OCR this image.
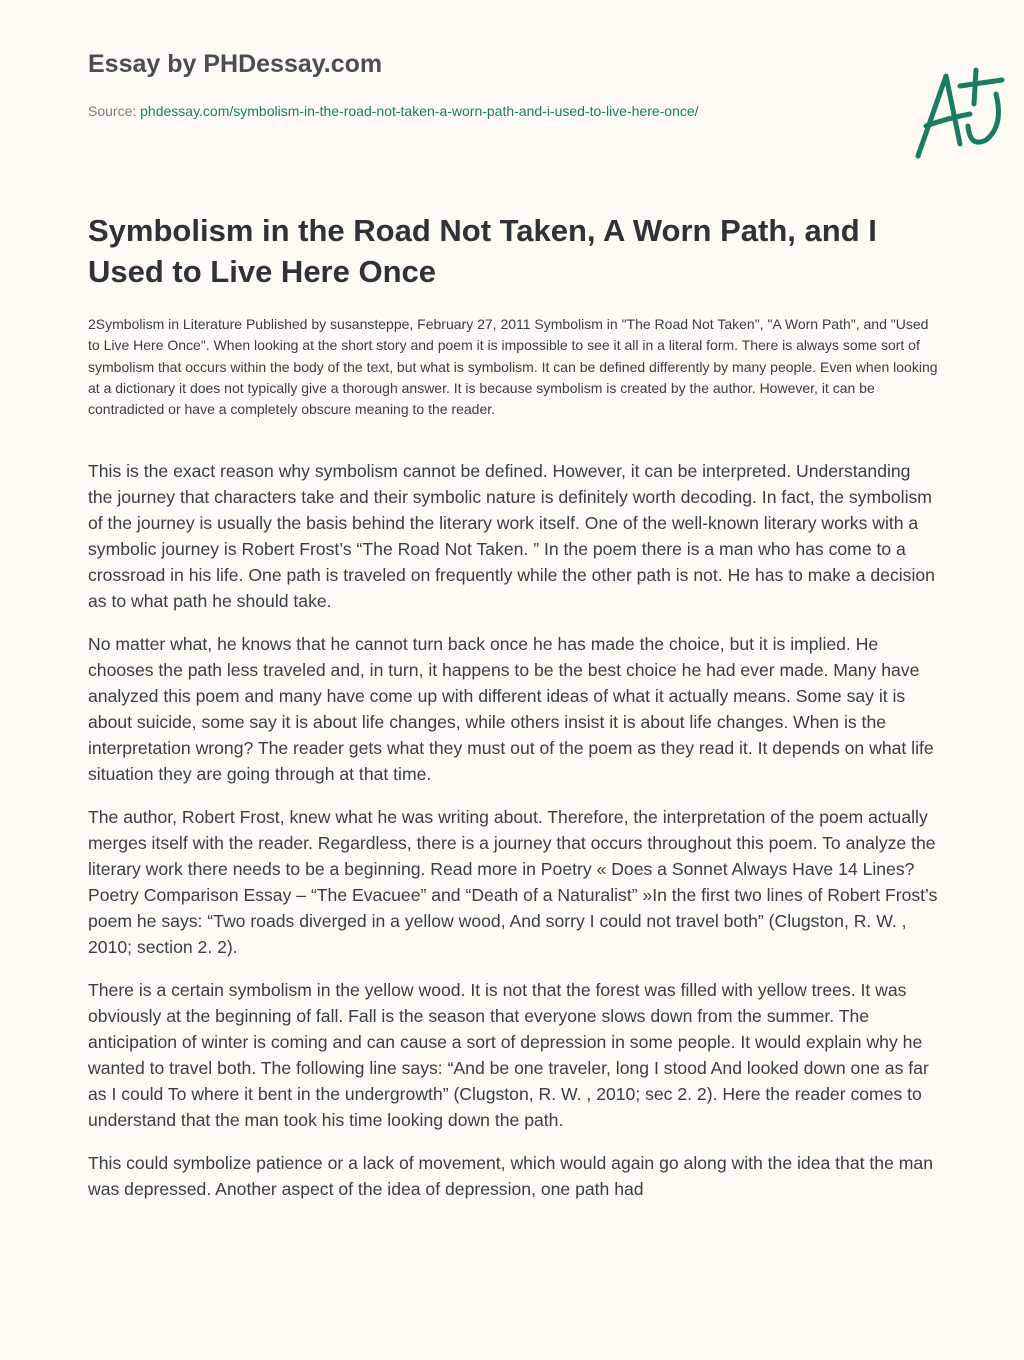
Essay by PHDessay.com
Source: phdessay.com/symbolism-in-the-road-not-taken-a-worn-path-and-i-used-to-live-here-once/
Symbolism in the Road Not Taken, A Worn Path, and I Used to Live Here Once

2Symbolism in Literature Published by susansteppe, February 27, 2011 Symbolism in "The Road Not Taken", "A Worn Path", and "Used to Live Here Once". When looking at the short story and poem it is impossible to see it all in a literal form. There is always some sort of symbolism that occurs within the body of the text, but what is symbolism. It can be defined differently by many people. Even when looking at a dictionary it does not typically give a thorough answer. It is because symbolism is created by the author. However, it can be contradicted or have a completely obscure meaning to the reader.

This is the exact reason why symbolism cannot be defined. However, it can be interpreted. Understanding the journey that characters take and their symbolic nature is definitely worth decoding. In fact, the symbolism of the journey is usually the basis behind the literary work itself. One of the well-known literary works with a symbolic journey is Robert Frost’s “The Road Not Taken. ” In the poem there is a man who has come to a crossroad in his life. One path is traveled on frequently while the other path is not. He has to make a decision as to what path he should take.

No matter what, he knows that he cannot turn back once he has made the choice, but it is implied. He chooses the path less traveled and, in turn, it happens to be the best choice he had ever made. Many have analyzed this poem and many have come up with different ideas of what it actually means. Some say it is about suicide, some say it is about life changes, while others insist it is about life changes. When is the interpretation wrong? The reader gets what they must out of the poem as they read it. It depends on what life situation they are going through at that time.

The author, Robert Frost, knew what he was writing about. Therefore, the interpretation of the poem actually merges itself with the reader. Regardless, there is a journey that occurs throughout this poem. To analyze the literary work there needs to be a beginning. Read more in Poetry « Does a Sonnet Always Have 14 Lines? Poetry Comparison Essay – “The Evacuee” and “Death of a Naturalist” »In the first two lines of Robert Frost’s poem he says: “Two roads diverged in a yellow wood, And sorry I could not travel both” (Clugston, R. W. , 2010; section 2. 2).

There is a certain symbolism in the yellow wood. It is not that the forest was filled with yellow trees. It was obviously at the beginning of fall. Fall is the season that everyone slows down from the summer. The anticipation of winter is coming and can cause a sort of depression in some people. It would explain why he wanted to travel both. The following line says: “And be one traveler, long I stood And looked down one as far as I could To where it bent in the undergrowth” (Clugston, R. W. , 2010; sec 2. 2). Here the reader comes to understand that the man took his time looking down the path.

This could symbolize patience or a lack of movement, which would again go along with the idea that the man was depressed. Another aspect of the idea of depression, one path had
